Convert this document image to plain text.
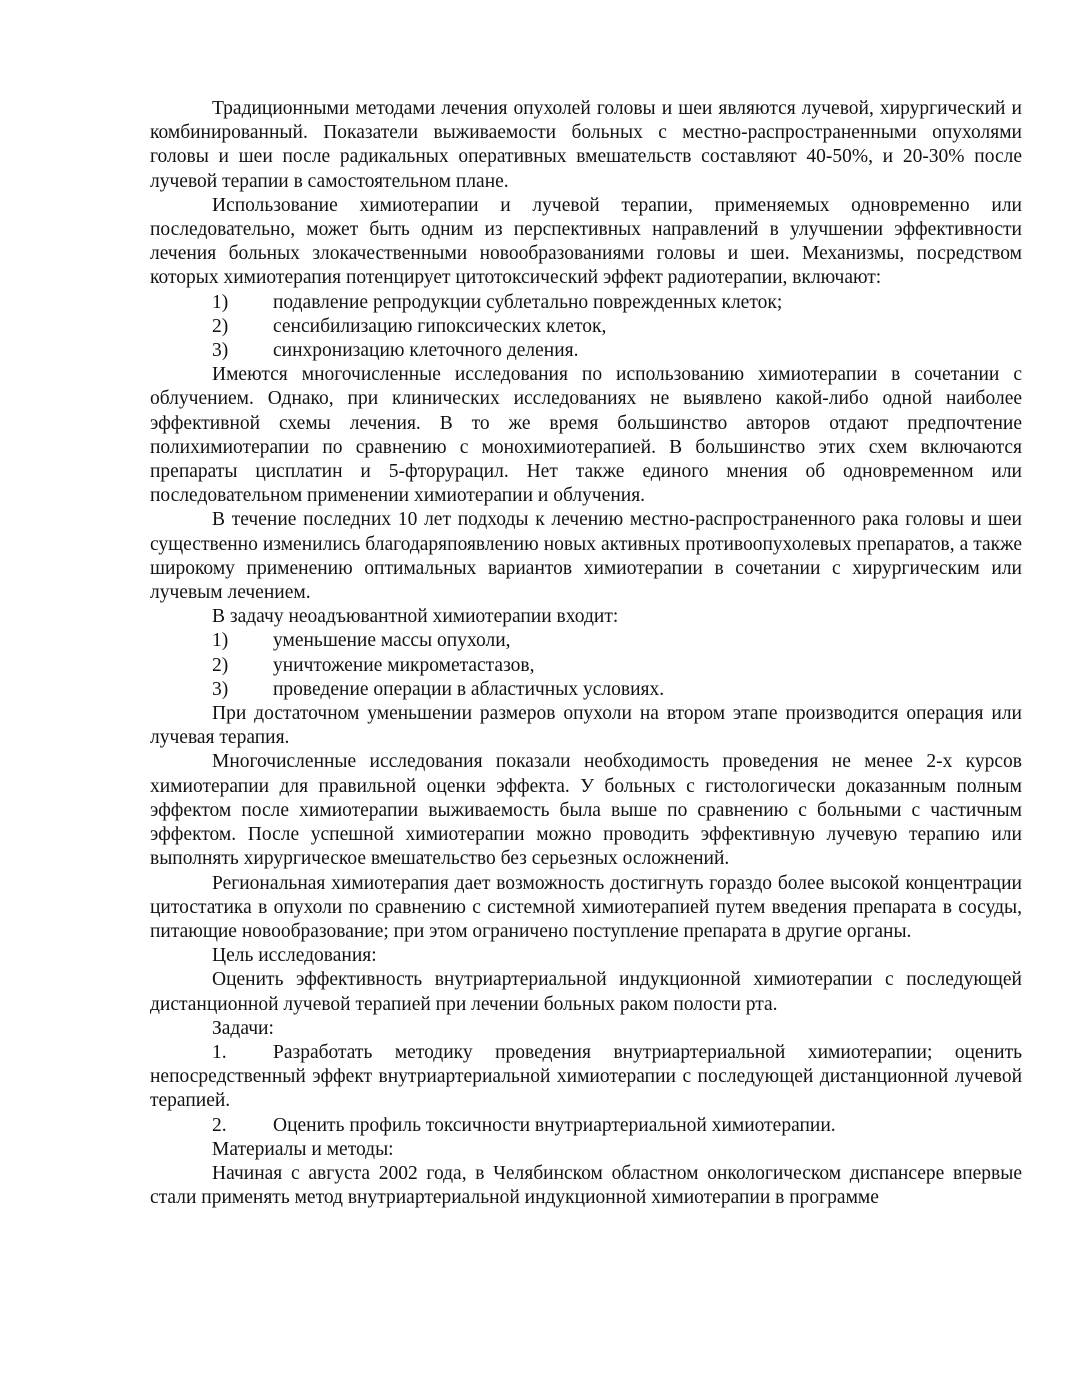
Традиционными методами лечения опухолей головы и шеи являются лучевой, хирургический и комбинированный. Показатели выживаемости больных с местно-распространенными опухолями головы и шеи после радикальных оперативных вмешательств составляют 40-50%, и 20-30% после лучевой терапии в самостоятельном плане.

Использование химиотерапии и лучевой терапии, применяемых одновременно или последовательно, может быть одним из перспективных направлений в улучшении эффективности лечения больных злокачественными новообразованиями головы и шеи. Механизмы, посредством которых химиотерапия потенцирует цитотоксический эффект радиотерапии, включают:

1)	подавление репродукции сублетально поврежденных клеток;
2)	сенсибилизацию гипоксических клеток,
3)	синхронизацию клеточного деления.

Имеются многочисленные исследования по использованию химиотерапии в сочетании с облучением. Однако, при клинических исследованиях не выявлено какой-либо одной наиболее эффективной схемы лечения. В то же время большинство авторов отдают предпочтение полихимиотерапии по сравнению с монохимиотерапией. В большинство этих схем включаются препараты цисплатин и 5-фторурацил. Нет также единого мнения об одновременном или последовательном применении химиотерапии и облучения.

В течение последних 10 лет подходы к лечению местно-распространенного рака головы и шеи существенно изменились благодаряпоявлению новых активных противоопухолевых препаратов, а также широкому применению оптимальных вариантов химиотерапии в сочетании с хирургическим или лучевым лечением.

В задачу неоадъювантной химиотерапии входит:

1)	уменьшение массы опухоли,
2)	уничтожение микрометастазов,
3)	проведение операции в абластичных условиях.

При достаточном уменьшении размеров опухоли на втором этапе производится операция или лучевая терапия.

Многочисленные исследования показали необходимость проведения не менее 2-х курсов химиотерапии для правильной оценки эффекта. У больных с гистологически доказанным полным эффектом после химиотерапии выживаемость была выше по сравнению с больными с частичным эффектом. После успешной химиотерапии можно проводить эффективную лучевую терапию или выполнять хирургическое вмешательство без серьезных осложнений.

Региональная химиотерапия дает возможность достигнуть гораздо более высокой концентрации цитостатика в опухоли по сравнению с системной химиотерапией путем введения препарата в сосуды, питающие новообразование; при этом ограничено поступление препарата в другие органы.

Цель исследования:

Оценить эффективность внутриартериальной индукционной химиотерапии с последующей дистанционной лучевой терапией при лечении больных раком полости рта.

Задачи:

1. Разработать методику проведения внутриартериальной химиотерапии; оценить непосредственный эффект внутриартериальной химиотерапии с последующей дистанционной лучевой терапией.
2.	Оценить профиль токсичности внутриартериальной химиотерапии.

Материалы и методы:

Начиная с августа 2002 года, в Челябинском областном онкологическом диспансере впервые стали применять метод внутриартериальной индукционной химиотерапии в программе
